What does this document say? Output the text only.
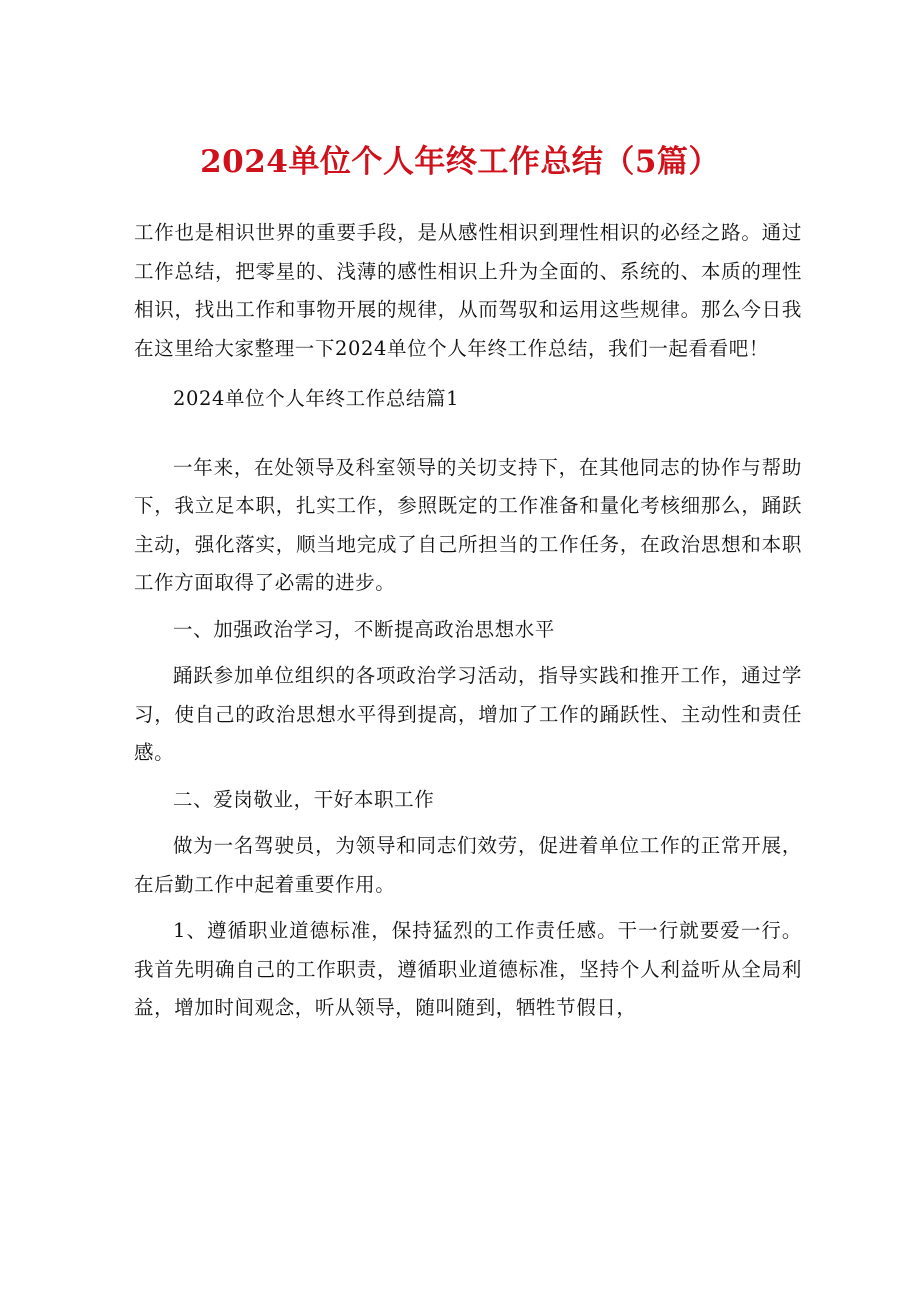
2024单位个人年终工作总结（5篇）

工作也是相识世界的重要手段，是从感性相识到理性相识的必经之路。通过工作总结，把零星的、浅薄的感性相识上升为全面的、系统的、本质的理性相识，找出工作和事物开展的规律，从而驾驭和运用这些规律。那么今日我在这里给大家整理一下2024单位个人年终工作总结，我们一起看看吧！

2024单位个人年终工作总结篇1

一年来，在处领导及科室领导的关切支持下，在其他同志的协作与帮助下，我立足本职，扎实工作，参照既定的工作准备和量化考核细那么，踊跃主动，强化落实，顺当地完成了自己所担当的工作任务，在政治思想和本职工作方面取得了必需的进步。

一、加强政治学习，不断提高政治思想水平

踊跃参加单位组织的各项政治学习活动，指导实践和推开工作，通过学习，使自己的政治思想水平得到提高，增加了工作的踊跃性、主动性和责任感。

二、爱岗敬业，干好本职工作

做为一名驾驶员，为领导和同志们效劳，促进着单位工作的正常开展，在后勤工作中起着重要作用。

1、遵循职业道德标准，保持猛烈的工作责任感。干一行就要爱一行。我首先明确自己的工作职责，遵循职业道德标准，坚持个人利益听从全局利益，增加时间观念，听从领导，随叫随到，牺牲节假日，
